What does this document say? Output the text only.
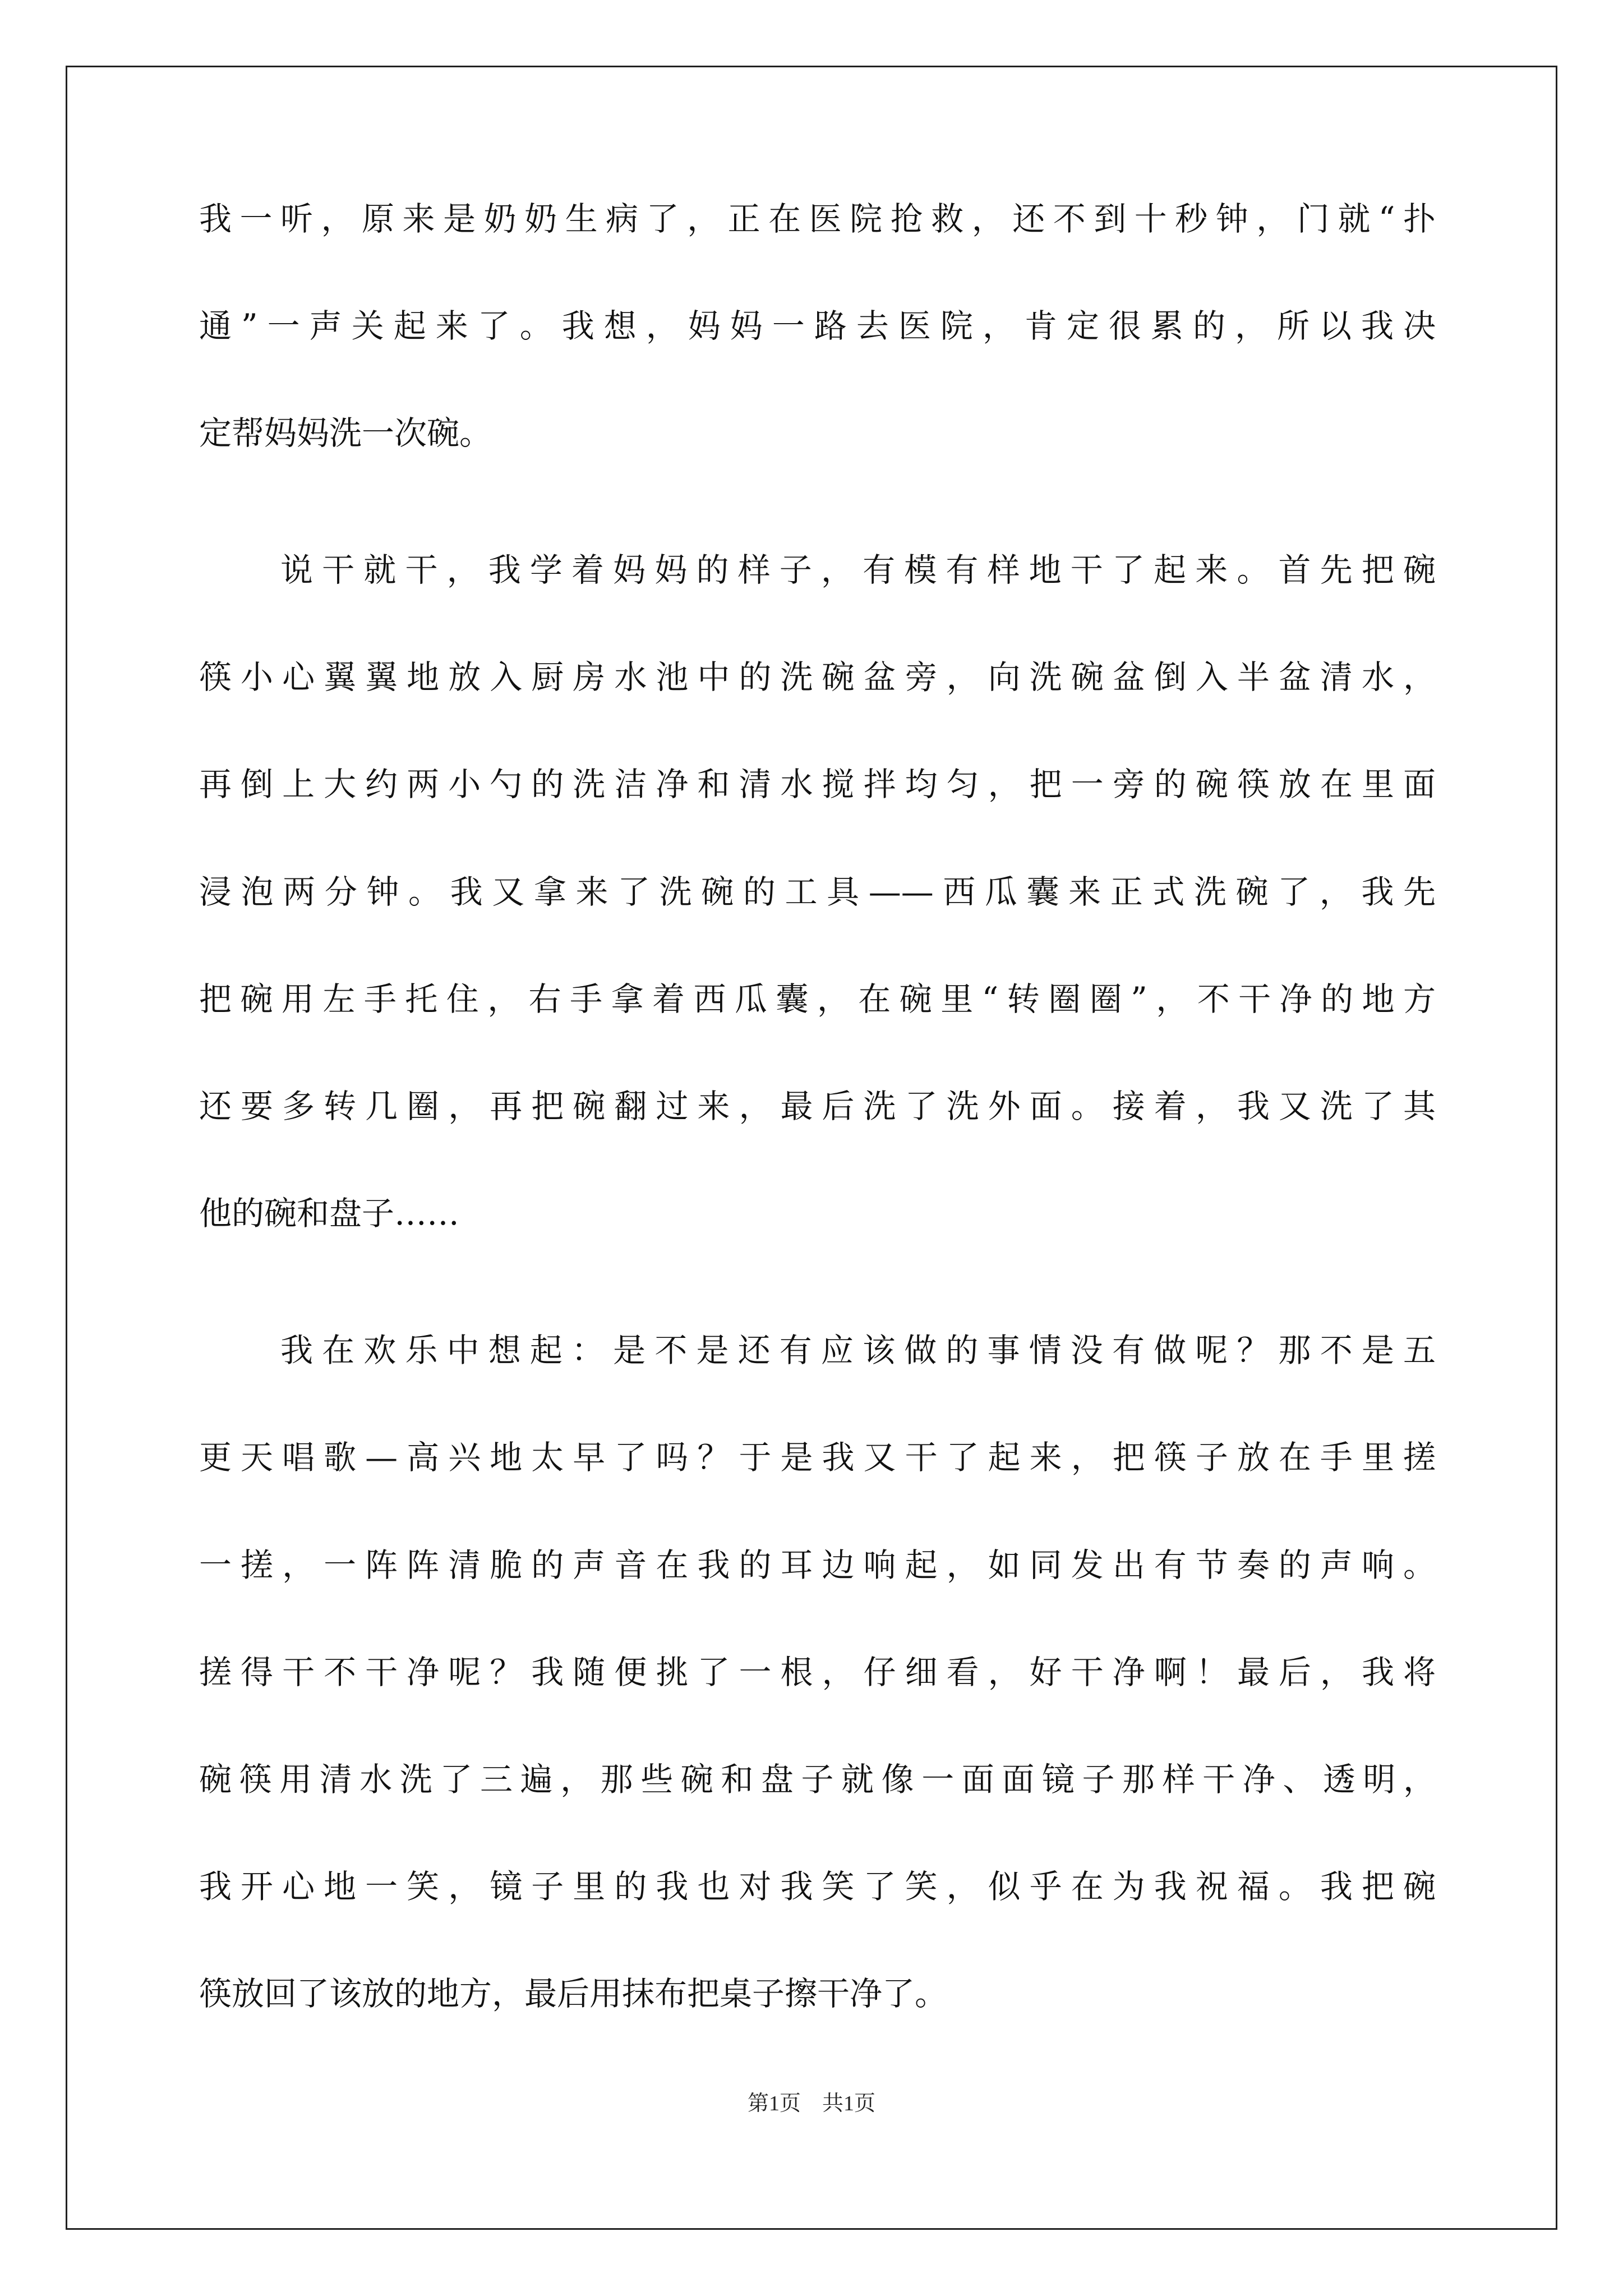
我一听，原来是奶奶生病了，正在医院抢救，还不到十秒钟，门就“扑
通”一声关起来了。我想，妈妈一路去医院，肯定很累的，所以我决
定帮妈妈洗一次碗。
说干就干，我学着妈妈的样子，有模有样地干了起来。首先把碗
筷小心翼翼地放入厨房水池中的洗碗盆旁，向洗碗盆倒入半盆清水，
再倒上大约两小勺的洗洁净和清水搅拌均匀，把一旁的碗筷放在里面
浸泡两分钟。我又拿来了洗碗的工具——西瓜囊来正式洗碗了，我先
把碗用左手托住，右手拿着西瓜囊，在碗里“转圈圈”，不干净的地方
还要多转几圈，再把碗翻过来，最后洗了洗外面。接着，我又洗了其
他的碗和盘子……
我在欢乐中想起：是不是还有应该做的事情没有做呢？那不是五
更天唱歌—高兴地太早了吗？于是我又干了起来，把筷子放在手里搓
一搓，一阵阵清脆的声音在我的耳边响起，如同发出有节奏的声响。
搓得干不干净呢？我随便挑了一根，仔细看，好干净啊！最后，我将
碗筷用清水洗了三遍，那些碗和盘子就像一面面镜子那样干净、透明，
我开心地一笑，镜子里的我也对我笑了笑，似乎在为我祝福。我把碗
筷放回了该放的地方，最后用抹布把桌子擦干净了。
第1页　共1页
